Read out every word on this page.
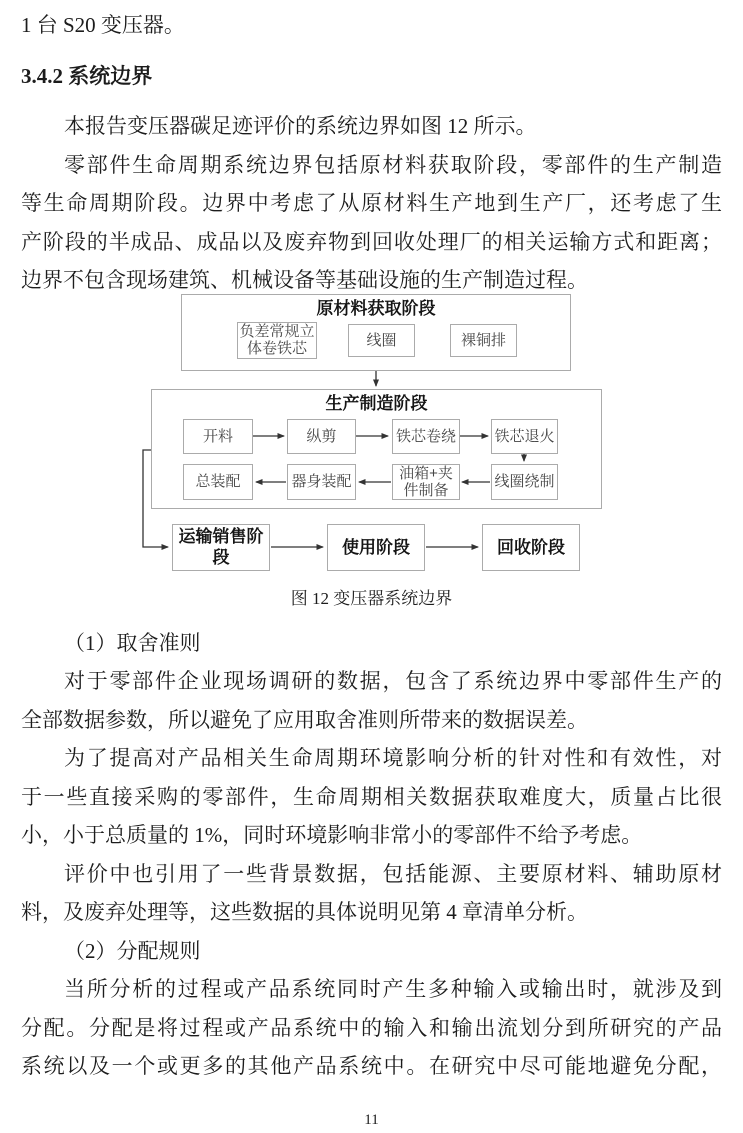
1 台 S20 变压器。
3.4.2 系统边界
本报告变压器碳足迹评价的系统边界如图 12 所示。
零部件生命周期系统边界包括原材料获取阶段，零部件的生产制造
等生命周期阶段。边界中考虑了从原材料生产地到生产厂，还考虑了生
产阶段的半成品、成品以及废弃物到回收处理厂的相关运输方式和距离；
边界不包含现场建筑、机械设备等基础设施的生产制造过程。
原材料获取阶段
负差常规立体卷铁芯	线圈	裸铜排
生产制造阶段
开料	纵剪	铁芯卷绕	铁芯退火
总装配	器身装配	油箱+夹件制备	线圈绕制
运输销售阶段
使用阶段	回收阶段
图 12 变压器系统边界
（1）取舍准则
对于零部件企业现场调研的数据，包含了系统边界中零部件生产的
全部数据参数，所以避免了应用取舍准则所带来的数据误差。
为了提高对产品相关生命周期环境影响分析的针对性和有效性，对
于一些直接采购的零部件，生命周期相关数据获取难度大，质量占比很
小，小于总质量的 1%，同时环境影响非常小的零部件不给予考虑。
评价中也引用了一些背景数据，包括能源、主要原材料、辅助原材
料，及废弃处理等，这些数据的具体说明见第 4 章清单分析。
（2）分配规则
当所分析的过程或产品系统同时产生多种输入或输出时，就涉及到
分配。分配是将过程或产品系统中的输入和输出流划分到所研究的产品
系统以及一个或更多的其他产品系统中。在研究中尽可能地避免分配，
11
